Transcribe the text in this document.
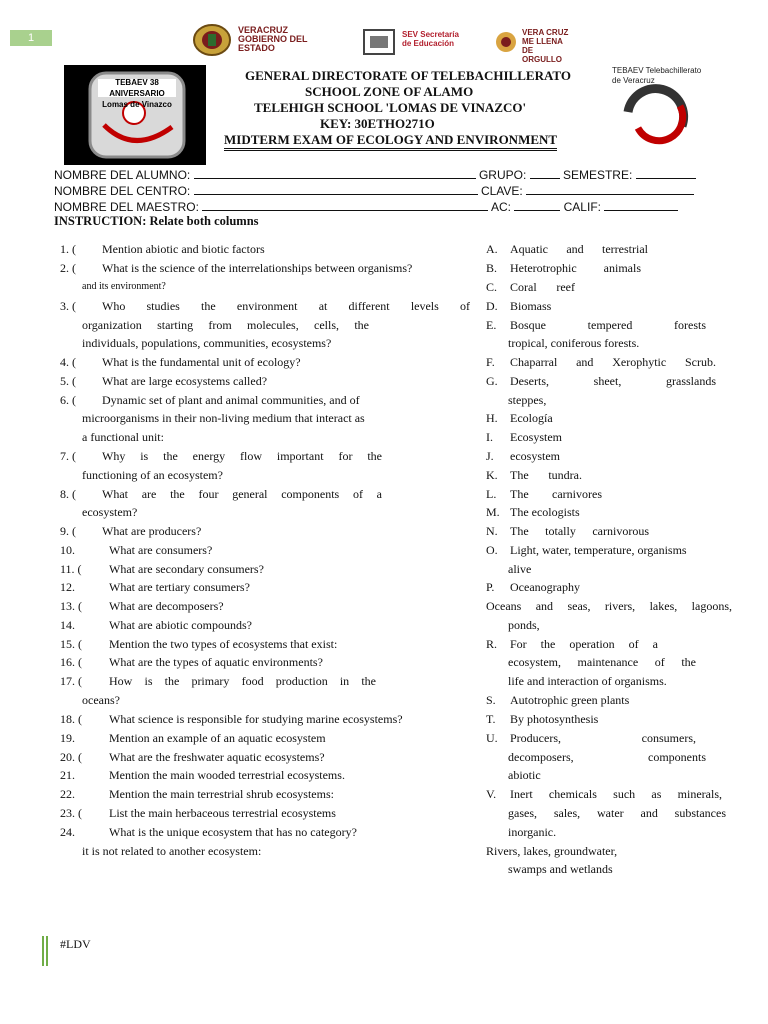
1
VERACRUZ GOBIERNO DEL ESTADO
SEV Secretaría de Educación
VERA CRUZ ME LLENA DE ORGULLO
TEBAEV 38 ANIVERSARIO Lomas de Vinazco
TEBAEV Telebachillerato de Veracruz
GENERAL DIRECTORATE OF TELEBACHILLERATO
SCHOOL ZONE OF ALAMO
TELEHIGH SCHOOL 'LOMAS DE VINAZCO'
KEY: 30ETHO271O
MIDTERM EXAM OF ECOLOGY AND ENVIRONMENT
NOMBRE DEL ALUMNO:	GRUPO:	SEMESTRE:
NOMBRE DEL CENTRO:	CLAVE:
NOMBRE DEL MAESTRO:	AC:	CALIF:
INSTRUCTION: Relate both columns
1. ( Mention abiotic and biotic factors
2. ( What is the science of the interrelationships between organisms?
and its environment?
3. (	Who studies the environment at different levels of
organization starting from molecules, cells, the
individuals, populations, communities, ecosystems?
4. ( What is the fundamental unit of ecology?
5. ( What are large ecosystems called?
6. ( Dynamic set of plant and animal communities, and of
microorganisms in their non-living medium that interact as
a functional unit:
7. (	Why is the energy flow important for the
functioning of an ecosystem?
8. (	What are the four general components of a
ecosystem?
9. ( What are producers?
10.	What are consumers?
11. ( What are secondary consumers?
12.	What are tertiary consumers?
13. ( What are decomposers?
14.	What are abiotic compounds?
15. ( Mention the two types of ecosystems that exist:
16. ( What are the types of aquatic environments?
17. (	How is the primary food production in the
oceans?
18. ( What science is responsible for studying marine ecosystems?
19.	Mention an example of an aquatic ecosystem
20. ( What are the freshwater aquatic ecosystems?
21.	Mention the main wooded terrestrial ecosystems.
22.	Mention the main terrestrial shrub ecosystems:
23. ( List the main herbaceous terrestrial ecosystems
24.	What is the unique ecosystem that has no category?
it is not related to another ecosystem:
A.	Aquatic and terrestrial
B.	Heterotrophic animals
C.	Coral reef
D. Biomass
E.	Bosque tempered forests
tropical, coniferous forests.
F.	Chaparral and Xerophytic Scrub.
G.	Deserts, sheet, grasslands
steppes,
H. Ecología
I. Ecosystem
J. ecosystem
K.	The tundra.
L.	The carnivores
M. The ecologists
N.	The totally carnivorous
O. Light, water, temperature, organisms
alive
P. Oceanography
Oceans and seas, rivers, lakes, lagoons,
ponds,
R.	For the operation of a
ecosystem, maintenance of the
life and interaction of organisms.
S. Autotrophic green plants
T. By photosynthesis
U.	Producers, consumers,
decomposers, components
abiotic
V.	Inert chemicals such as minerals,
gases, sales, water and substances
inorganic.
Rivers, lakes, groundwater,
swamps and wetlands
#LDV
